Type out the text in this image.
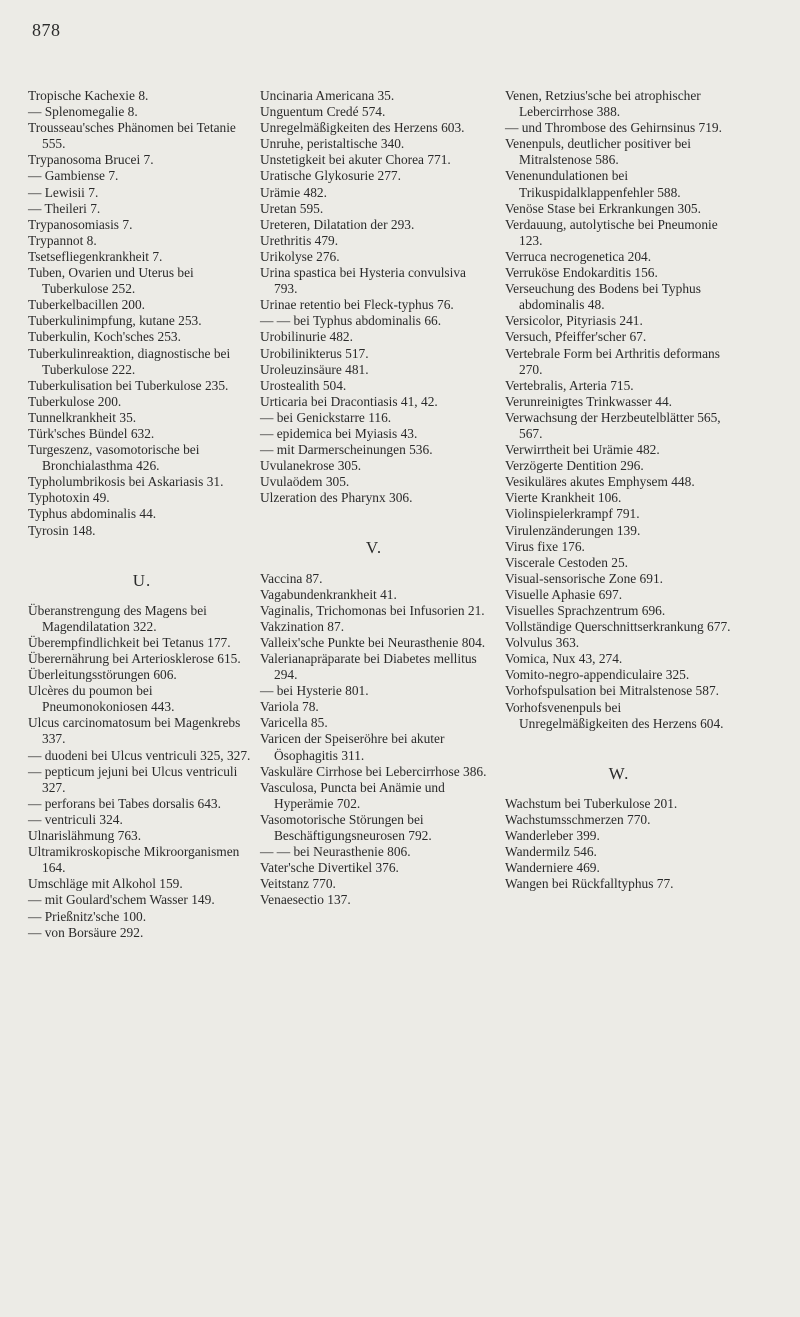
878
Tropische Kachexie 8.
— Splenomegalie 8.
Trousseau'sches Phänomen bei Tetanie 555.
Trypanosoma Brucei 7.
— Gambiense 7.
— Lewisii 7.
— Theileri 7.
Trypanosomiasis 7.
Trypannot 8.
Tsetsefliegenkrankheit 7.
Tuben, Ovarien und Uterus bei Tuberkulose 252.
Tuberkelbacillen 200.
Tuberkulinimpfung, kutane 253.
Tuberkulin, Koch'sches 253.
Tuberkulinreaktion, diagnostische bei Tuberkulose 222.
Tuberkulisation bei Tuberkulose 235.
Tuberkulose 200.
Tunnelkrankheit 35.
Türk'sches Bündel 632.
Turgeszenz, vasomotorische bei Bronchialasthma 426.
Typholumbrikosis bei Askariasis 31.
Typhotoxin 49.
Typhus abdominalis 44.
Tyrosin 148.
U.
Überanstrengung des Magens bei Magendilatation 322.
Überempfindlichkeit bei Tetanus 177.
Überernährung bei Arteriosklerose 615.
Überleitungsstörungen 606.
Ulcères du poumon bei Pneumonokoniosen 443.
Ulcus carcinomatosum bei Magenkrebs 337.
— duodeni bei Ulcus ventriculi 325, 327.
— pepticum jejuni bei Ulcus ventriculi 327.
— perforans bei Tabes dorsalis 643.
— ventriculi 324.
Ulnarislähmung 763.
Ultramikroskopische Mikroorganismen 164.
Umschläge mit Alkohol 159.
— mit Goulard'schem Wasser 149.
— Prießnitz'sche 100.
— von Borsäure 292.
Uncinaria Americana 35.
Unguentum Credé 574.
Unregelmäßigkeiten des Herzens 603.
Unruhe, peristaltische 340.
Unstetigkeit bei akuter Chorea 771.
Uratische Glykosurie 277.
Urämie 482.
Uretan 595.
Ureteren, Dilatation der 293.
Urethritis 479.
Urikolyse 276.
Urina spastica bei Hysteria convulsiva 793.
Urinae retentio bei Fleck-typhus 76.
— — bei Typhus abdominalis 66.
Urobilinurie 482.
Urobilinikterus 517.
Uroleuzinsäure 481.
Urostealith 504.
Urticaria bei Dracontiasis 41, 42.
— bei Genickstarre 116.
— epidemica bei Myiasis 43.
— mit Darmerscheinungen 536.
Uvulanekrose 305.
Uvulaödem 305.
Ulzeration des Pharynx 306.
V.
Vaccina 87.
Vagabundenkrankheit 41.
Vaginalis, Trichomonas bei Infusorien 21.
Vakzination 87.
Valleix'sche Punkte bei Neurasthenie 804.
Valerianapräparate bei Diabetes mellitus 294.
— bei Hysterie 801.
Variola 78.
Varicella 85.
Varicen der Speiseröhre bei akuter Ösophagitis 311.
Vaskuläre Cirrhose bei Lebercirrhose 386.
Vasculosa, Puncta bei Anämie und Hyperämie 702.
Vasomotorische Störungen bei Beschäftigungsneurosen 792.
— — bei Neurasthenie 806.
Vater'sche Divertikel 376.
Veitstanz 770.
Venaesectio 137.
Venen, Retzius'sche bei atrophischer Lebercirrhose 388.
— und Thrombose des Gehirnsinus 719.
Venenpuls, deutlicher positiver bei Mitralstenose 586.
Venenundulationen bei Trikuspidalklappenfehler 588.
Venöse Stase bei Erkrankungen 305.
Verdauung, autolytische bei Pneumonie 123.
Verruca necrogenetica 204.
Verruköse Endokarditis 156.
Verseuchung des Bodens bei Typhus abdominalis 48.
Versicolor, Pityriasis 241.
Versuch, Pfeiffer'scher 67.
Vertebrale Form bei Arthritis deformans 270.
Vertebralis, Arteria 715.
Verunreinigtes Trinkwasser 44.
Verwachsung der Herzbeutelblätter 565, 567.
Verwirrtheit bei Urämie 482.
Verzögerte Dentition 296.
Vesikuläres akutes Emphysem 448.
Vierte Krankheit 106.
Violinspielerkrampf 791.
Virulenzänderungen 139.
Virus fixe 176.
Viscerale Cestoden 25.
Visual-sensorische Zone 691.
Visuelle Aphasie 697.
Visuelles Sprachzentrum 696.
Vollständige Querschnittserkrankung 677.
Volvulus 363.
Vomica, Nux 43, 274.
Vomito-negro-appendiculaire 325.
Vorhofspulsation bei Mitralstenose 587.
Vorhofsvenenpuls bei Unregelmäßigkeiten des Herzens 604.
W.
Wachstum bei Tuberkulose 201.
Wachstumsschmerzen 770.
Wanderleber 399.
Wandermilz 546.
Wanderniere 469.
Wangen bei Rückfalltyphus 77.
